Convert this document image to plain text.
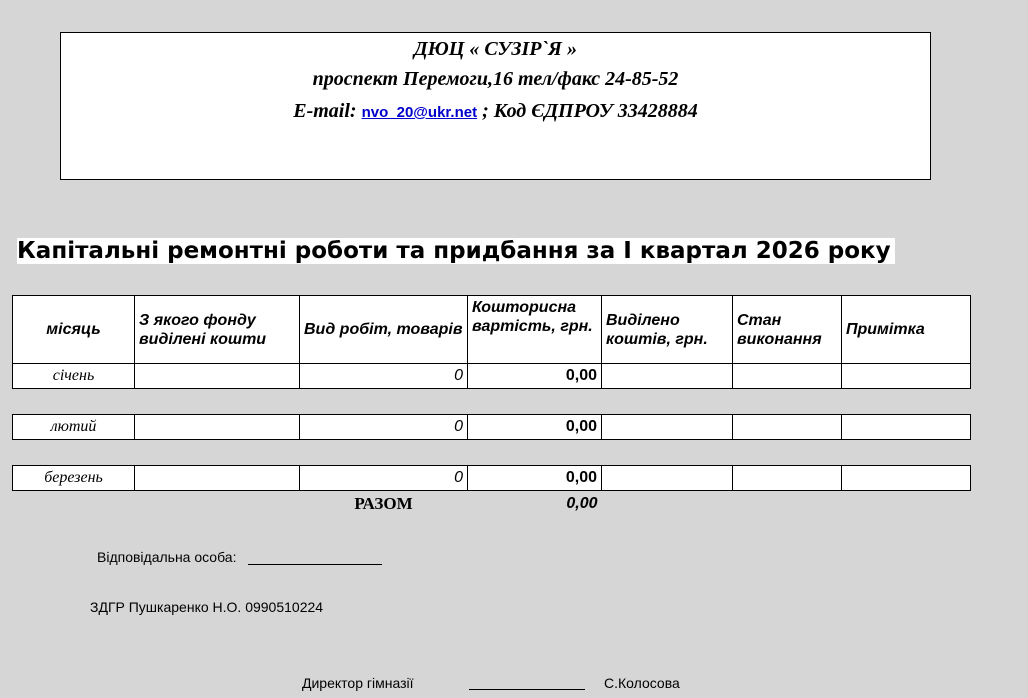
ДЮЦ « СУЗІР`Я »
проспект Перемоги,16 тел/факс 24-85-52
E-mail: nvo_20@ukr.net ; Код ЄДПРОУ 33428884
Капітальні ремонтні роботи та придбання за І квартал 2026 року
місяць	З якого фонду виділені кошти	Вид робіт, товарів	Кошторисна вартість, грн.	Виділено коштів, грн.	Стан виконання	Примітка
січень		0	0,00			

лютий		0	0,00			

березень		0	0,00			
		РАЗОМ	0,00			
Відповідальна особа:
ЗДГР Пушкаренко Н.О. 0990510224
Директор гімназії	С.Колосова
